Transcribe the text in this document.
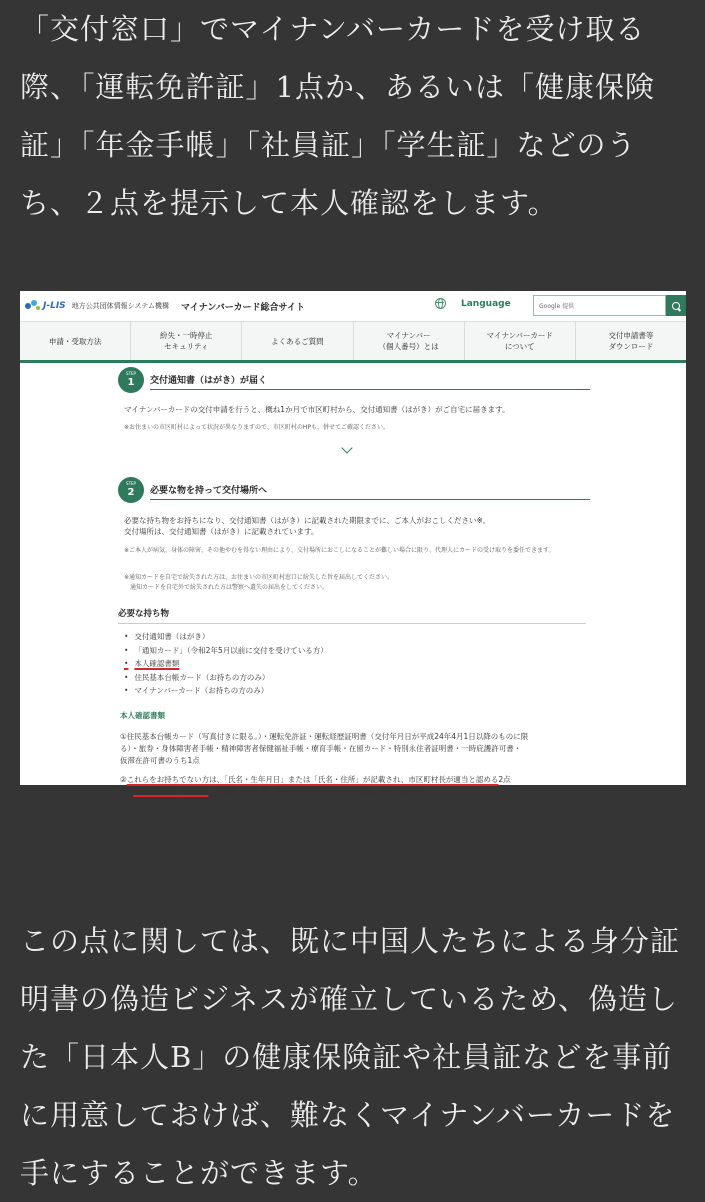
「交付窓口」でマイナンバーカードを受け取る際、「運転免許証」1点か、あるいは「健康保険証」「年金手帳」「社員証」「学生証」などのうち、２点を提示して本人確認をします。

J-LIS 地方公共団体情報システム機構 マイナンバーカード総合サイト	Language	Google 提供
申請・受取方法
紛失・一時停止
セキュリティ
よくあるご質問
マイナンバー
（個人番号）とは
マイナンバーカード
について
交付申請書等
ダウンロード
STEP
1	交付通知書（はがき）が届く
マイナンバーカードの交付申請を行うと、概ね1か月で市区町村から、交付通知書（はがき）がご自宅に届きます。
※お住まいの市区町村によって状況が異なりますので、市区町村のHPも、併せてご確認ください。
STEP
2	必要な物を持って交付場所へ
必要な持ち物をお持ちになり、交付通知書（はがき）に記載された期限までに、ご本人がおこしください※。
交付場所は、交付通知書（はがき）に記載されています。
※ご本人が病気、身体の障害、その他やむを得ない理由により、交付場所におこしになることが難しい場合に限り、代理人にカードの受け取りを委任できます。
※通知カードを自宅で紛失された方は、お住まいの市区町村窓口に紛失した旨を届出してください。
通知カードを自宅外で紛失された方は警察へ遺失の届出をしてください。
必要な持ち物
• 交付通知書（はがき）
• 「通知カード」（令和2年5月以前に交付を受けている方）
• 本人確認書類
• 住民基本台帳カード（お持ちの方のみ）
• マイナンバーカード（お持ちの方のみ）
本人確認書類
①住民基本台帳カード（写真付きに限る。）・運転免許証・運転経歴証明書（交付年月日が平成24年4月1日以降のものに限
る）・旅券・身体障害者手帳・精神障害者保健福祉手帳・療育手帳・在留カード・特別永住者証明書・一時庇護許可書・
仮滞在許可書のうち1点
②これらをお持ちでない方は、「氏名・生年月日」または「氏名・住所」が記載され、市区町村長が適当と認める2点
(例)健康保険証、年金手帳、社員証、学生証、学校名が記載された各種書類、医療受給者証

この点に関しては、既に中国人たちによる身分証明書の偽造ビジネスが確立しているため、偽造した「日本人B」の健康保険証や社員証などを事前に用意しておけば、難なくマイナンバーカードを手にすることができます。
